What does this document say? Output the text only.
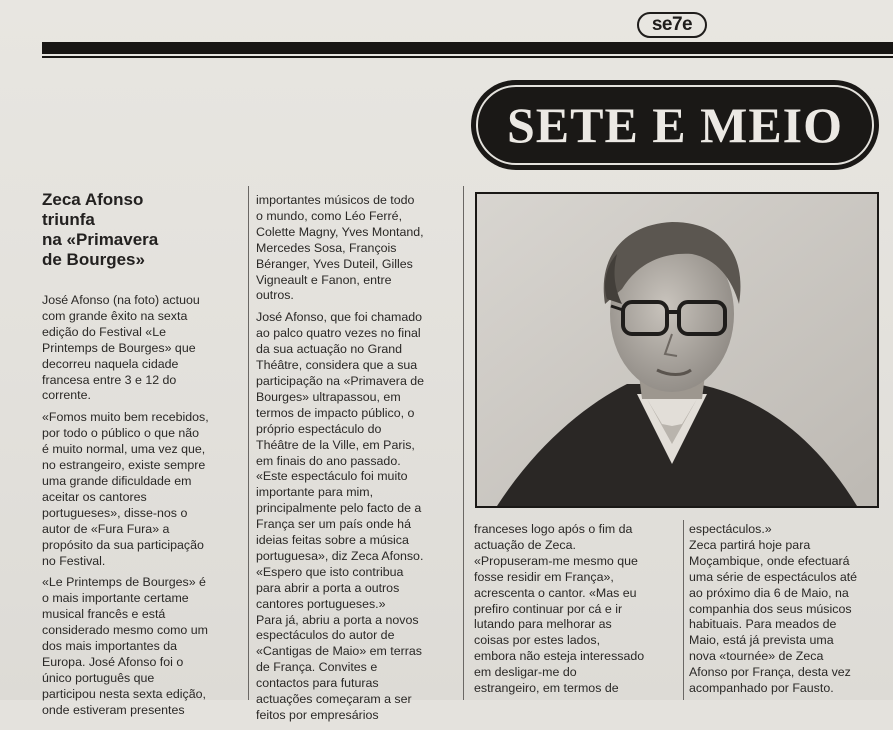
se7e
SETE E MEIO
Zeca Afonso
triunfa
na «Primavera
de Bourges»

José Afonso (na foto) actuou
com grande êxito na sexta
edição do Festival «Le
Printemps de Bourges» que
decorreu naquela cidade
francesa entre 3 e 12 do
corrente.

«Fomos muito bem recebidos,
por todo o público o que não
é muito normal, uma vez que,
no estrangeiro, existe sempre
uma grande dificuldade em
aceitar os cantores
portugueses», disse-nos o
autor de «Fura Fura» a
propósito da sua participação
no Festival.

«Le Printemps de Bourges» é
o mais importante certame
musical francês e está
considerado mesmo como um
dos mais importantes da
Europa. José Afonso foi o
único português que
participou nesta sexta edição,
onde estiveram presentes

importantes músicos de todo
o mundo, como Léo Ferré,
Colette Magny, Yves Montand,
Mercedes Sosa, François
Béranger, Yves Duteil, Gilles
Vigneault e Fanon, entre
outros.

José Afonso, que foi chamado
ao palco quatro vezes no final
da sua actuação no Grand
Théâtre, considera que a sua
participação na «Primavera de
Bourges» ultrapassou, em
termos de impacto público, o
próprio espectáculo do
Théâtre de la Ville, em Paris,
em finais do ano passado.
«Este espectáculo foi muito
importante para mim,
principalmente pelo facto de a
França ser um país onde há
ideias feitas sobre a música
portuguesa», diz Zeca Afonso.
«Espero que isto contribua
para abrir a porta a outros
cantores portugueses.»
Para já, abriu a porta a novos
espectáculos do autor de
«Cantigas de Maio» em terras
de França. Convites e
contactos para futuras
actuações começaram a ser
feitos por empresários

franceses logo após o fim da
actuação de Zeca.
«Propuseram-me mesmo que
fosse residir em França»,
acrescenta o cantor. «Mas eu
prefiro continuar por cá e ir
lutando para melhorar as
coisas por estes lados,
embora não esteja interessado
em desligar-me do
estrangeiro, em termos de

espectáculos.»
Zeca partirá hoje para
Moçambique, onde efectuará
uma série de espectáculos até
ao próximo dia 6 de Maio, na
companhia dos seus músicos
habituais. Para meados de
Maio, está já prevista uma
nova «tournée» de Zeca
Afonso por França, desta vez
acompanhado por Fausto.
